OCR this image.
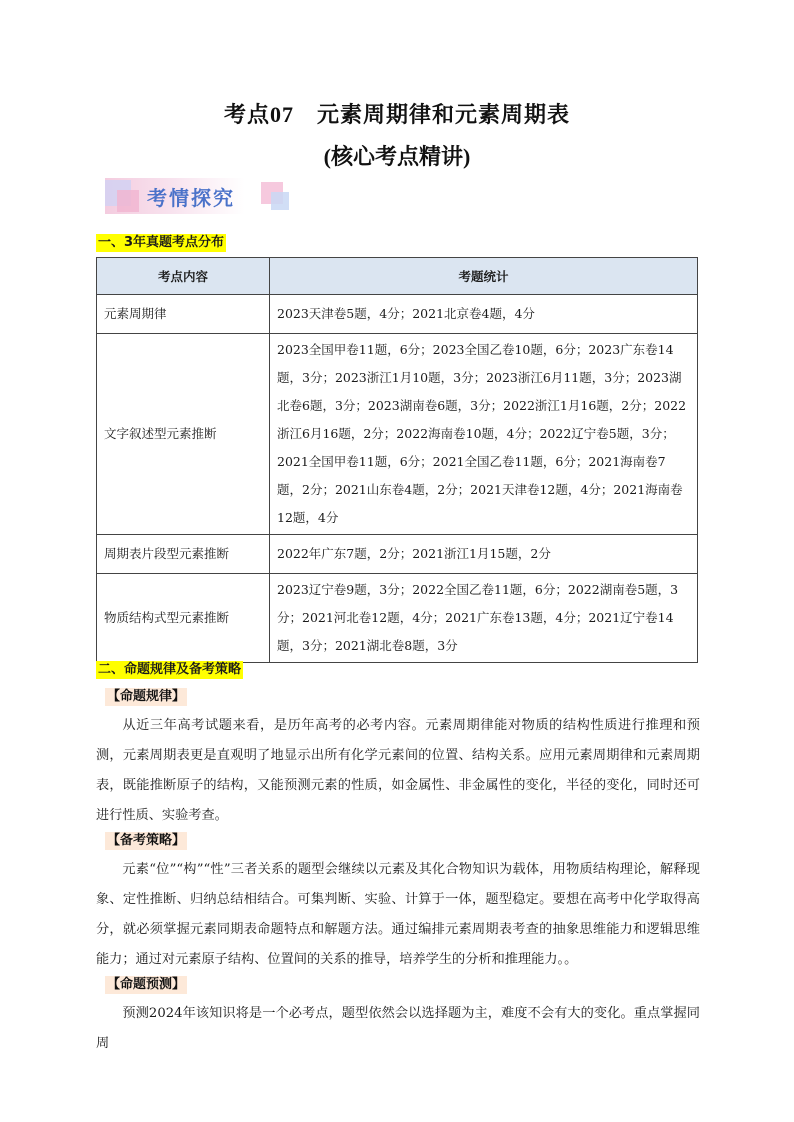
考点07　元素周期律和元素周期表
(核心考点精讲)
考情探究
一、3年真题考点分布
考点内容	考题统计
元素周期律	2023天津卷5题，4分；2021北京卷4题，4分
文字叙述型元素推断	2023全国甲卷11题，6分；2023全国乙卷10题，6分；2023广东卷14题，3分；2023浙江1月10题，3分；2023浙江6月11题，3分；2023湖北卷6题，3分；2023湖南卷6题，3分；2022浙江1月16题，2分；2022浙江6月16题，2分；2022海南卷10题，4分；2022辽宁卷5题，3分；2021全国甲卷11题，6分；2021全国乙卷11题，6分；2021海南卷7题，2分；2021山东卷4题，2分；2021天津卷12题，4分；2021海南卷12题，4分
周期表片段型元素推断	2022年广东7题，2分；2021浙江1月15题，2分
物质结构式型元素推断	2023辽宁卷9题，3分；2022全国乙卷11题，6分；2022湖南卷5题，3分；2021河北卷12题，4分；2021广东卷13题，4分；2021辽宁卷14题，3分；2021湖北卷8题，3分
二、命题规律及备考策略
【命题规律】
从近三年高考试题来看，是历年高考的必考内容。元素周期律能对物质的结构性质进行推理和预测，元素周期表更是直观明了地显示出所有化学元素间的位置、结构关系。应用元素周期律和元素周期表，既能推断原子的结构，又能预测元素的性质，如金属性、非金属性的变化，半径的变化，同时还可进行性质、实验考查。
【备考策略】
元素“位”“构”“性”三者关系的题型会继续以元素及其化合物知识为载体，用物质结构理论，解释现象、定性推断、归纳总结相结合。可集判断、实验、计算于一体，题型稳定。要想在高考中化学取得高分，就必须掌握元素同期表命题特点和解题方法。通过编排元素周期表考查的抽象思维能力和逻辑思维能力；通过对元素原子结构、位置间的关系的推导，培养学生的分析和推理能力。。
【命题预测】
预测2024年该知识将是一个必考点，题型依然会以选择题为主，难度不会有大的变化。重点掌握同周
